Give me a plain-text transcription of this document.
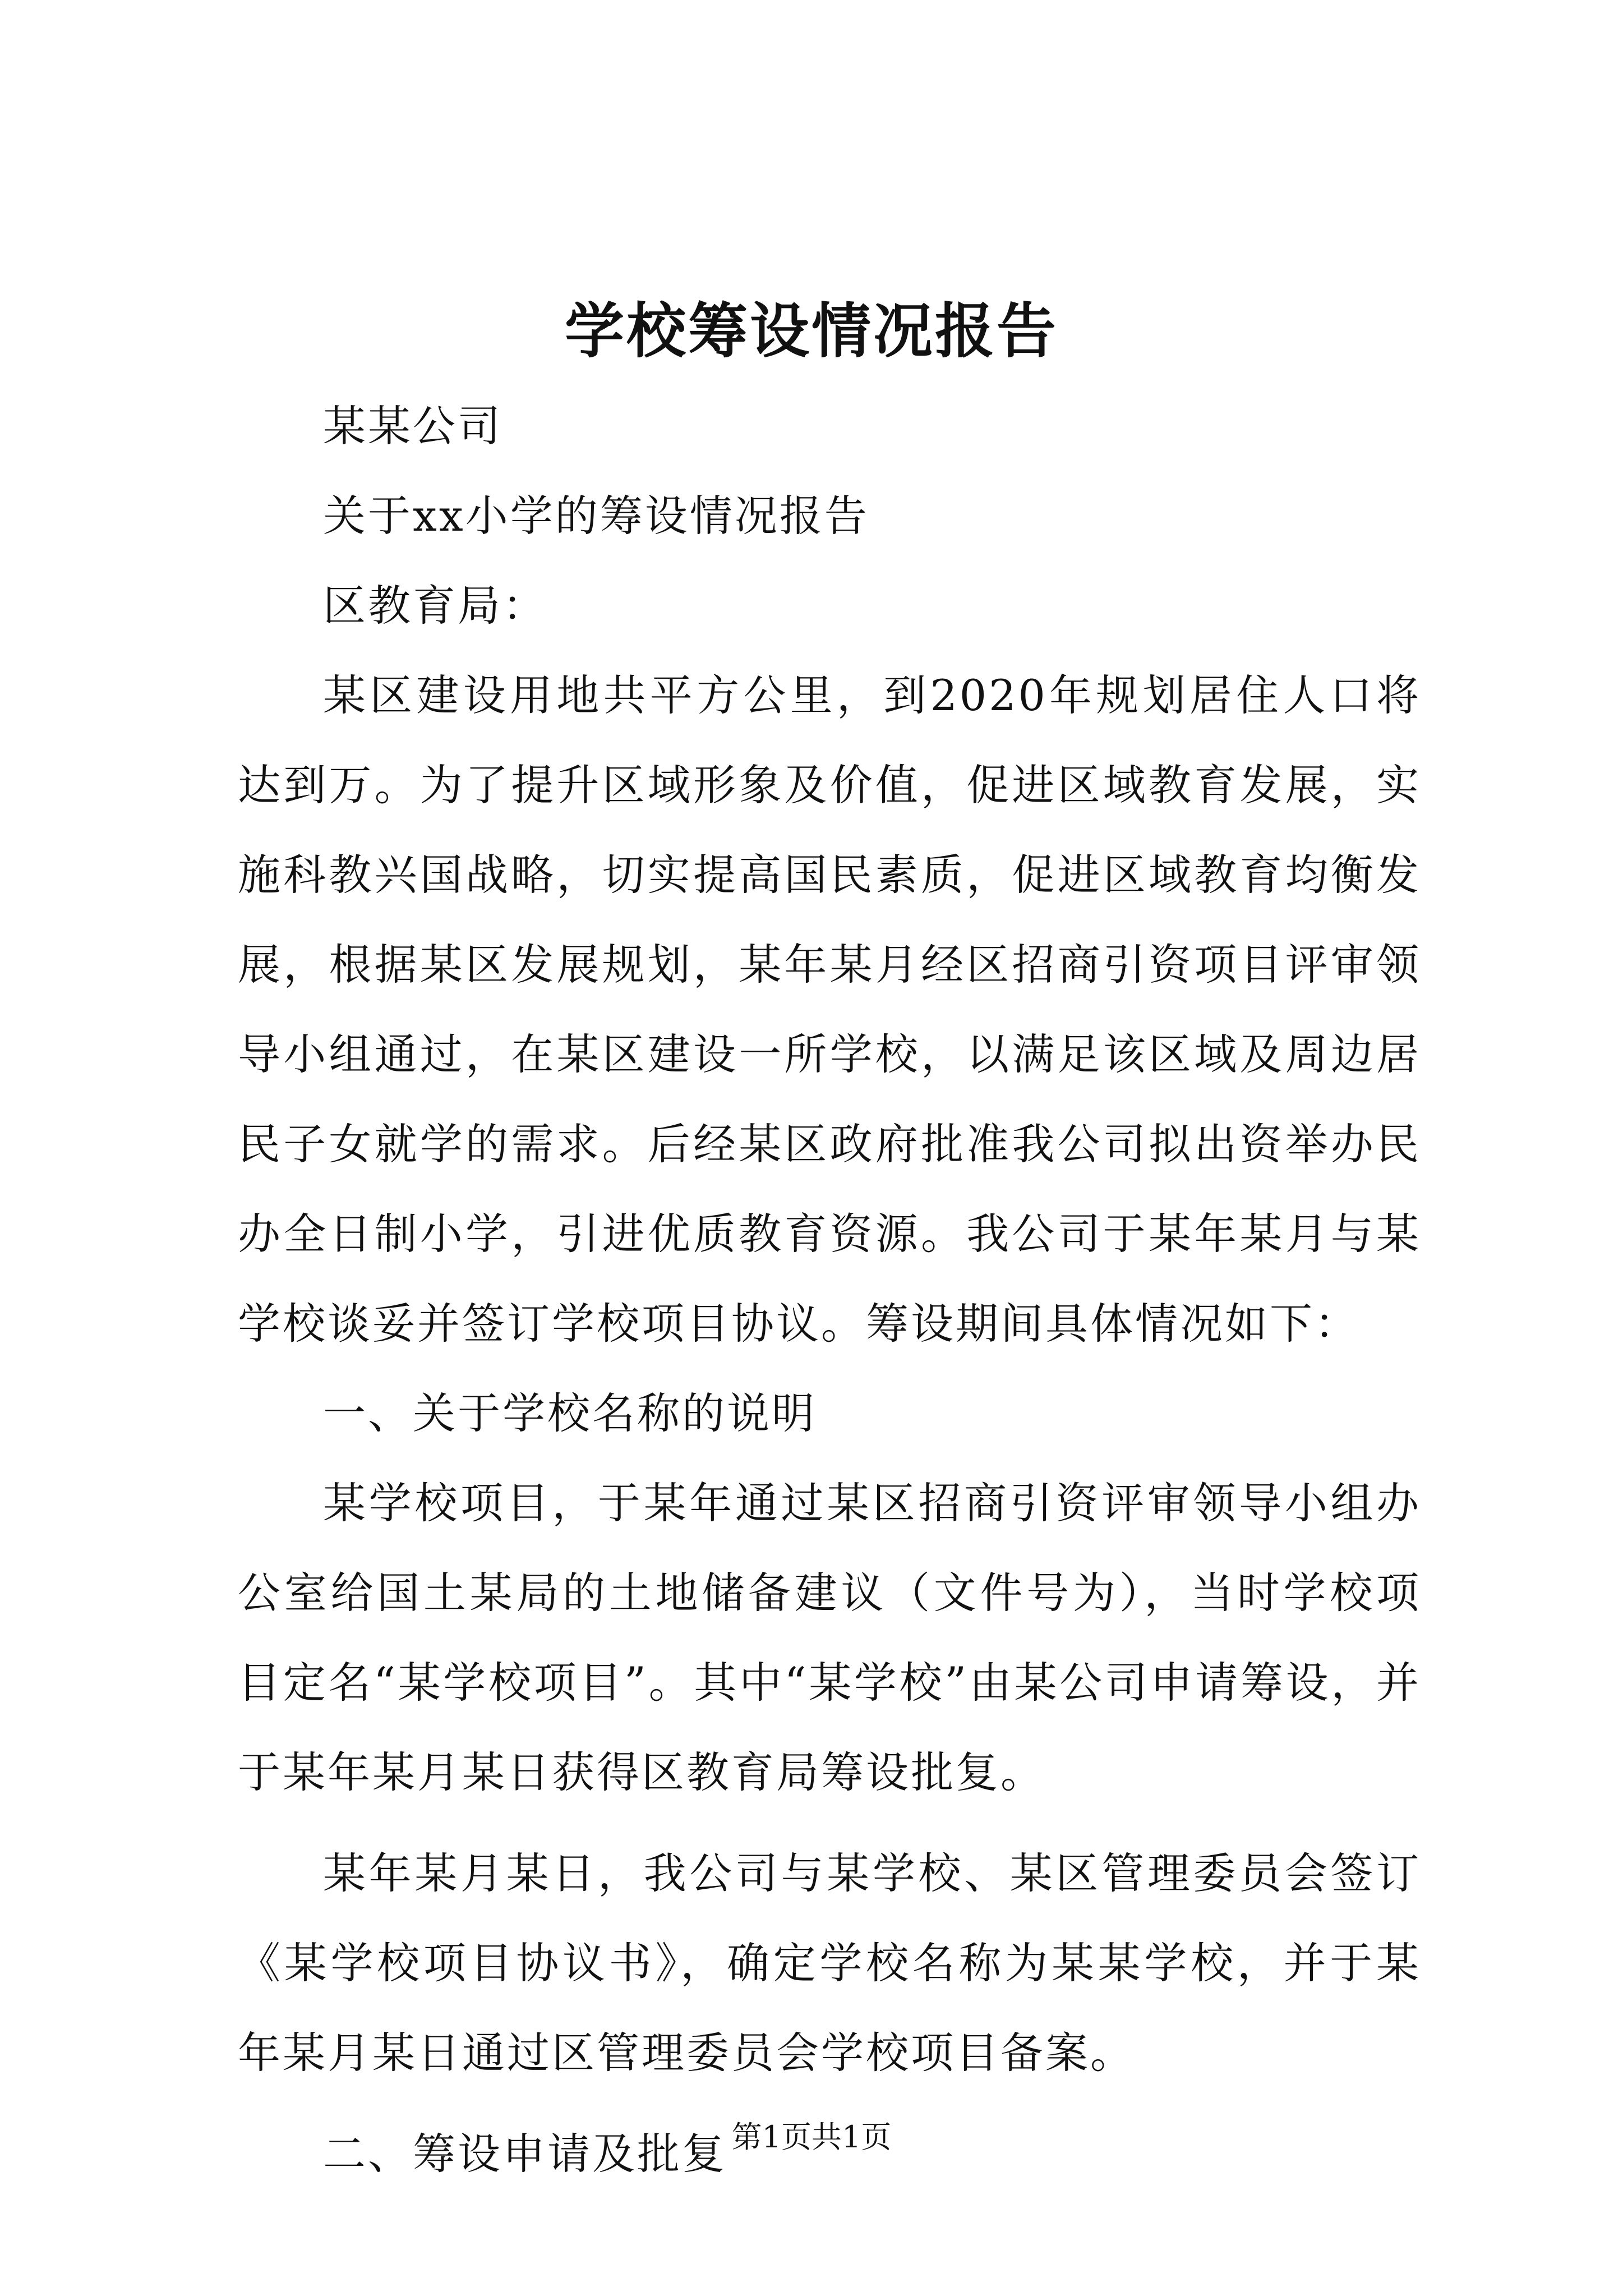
学校筹设情况报告

某某公司

关于xx小学的筹设情况报告

区教育局：

某区建设用地共平方公里，到2020年规划居住人口将达到万。为了提升区域形象及价值，促进区域教育发展，实施科教兴国战略，切实提高国民素质，促进区域教育均衡发展，根据某区发展规划，某年某月经区招商引资项目评审领导小组通过，在某区建设一所学校，以满足该区域及周边居民子女就学的需求。后经某区政府批准我公司拟出资举办民办全日制小学，引进优质教育资源。我公司于某年某月与某学校谈妥并签订学校项目协议。筹设期间具体情况如下：

一、关于学校名称的说明

某学校项目，于某年通过某区招商引资评审领导小组办公室给国土某局的土地储备建议（文件号为），当时学校项目定名“某学校项目”。其中“某学校”由某公司申请筹设，并于某年某月某日获得区教育局筹设批复。

某年某月某日，我公司与某学校、某区管理委员会签订《某学校项目协议书》，确定学校名称为某某学校，并于某年某月某日通过区管理委员会学校项目备案。

二、筹设申请及批复 第1页共1页
